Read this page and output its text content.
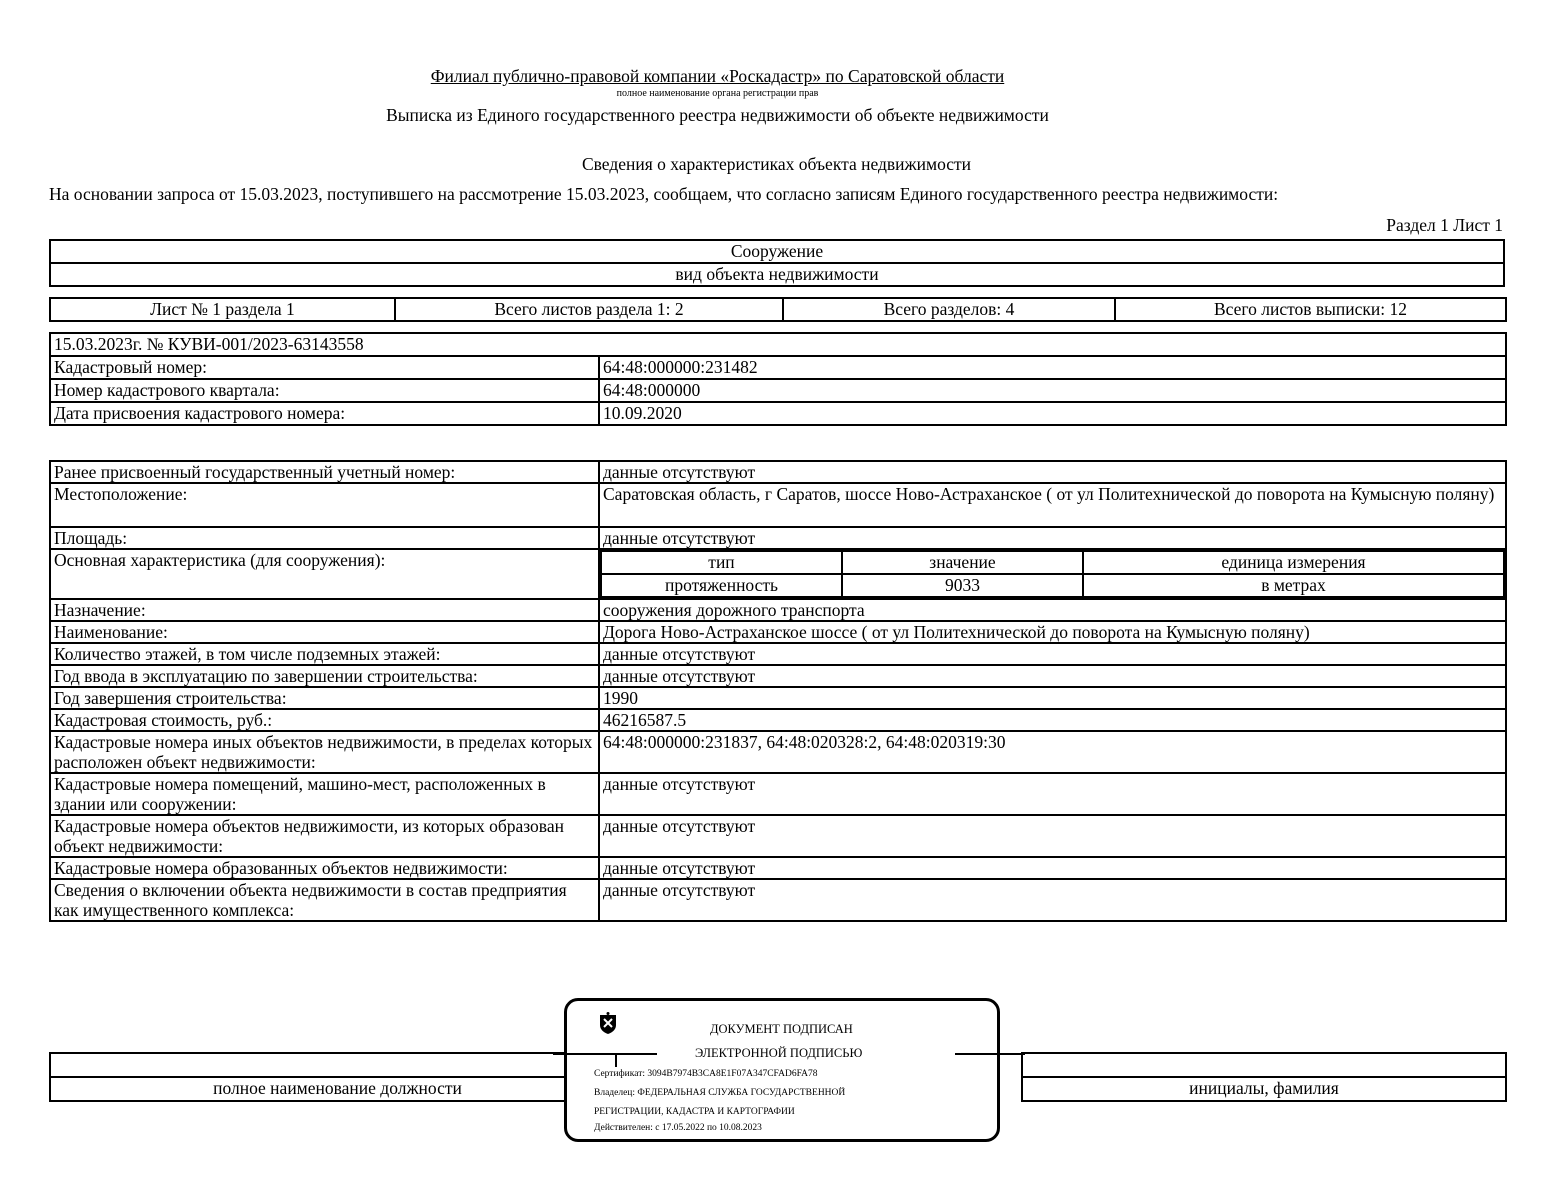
Филиал публично-правовой компании «Роскадастр» по Саратовской области
полное наименование органа регистрации прав
Выписка из Единого государственного реестра недвижимости об объекте недвижимости
Сведения о характеристиках объекта недвижимости
На основании запроса от 15.03.2023, поступившего на рассмотрение 15.03.2023, сообщаем, что согласно записям Единого государственного реестра недвижимости:
Раздел 1 Лист 1
Сооружение
вид объекта недвижимости
Лист № 1 раздела 1	Всего листов раздела 1: 2	Всего разделов: 4	Всего листов выписки: 12
15.03.2023г. № КУВИ-001/2023-63143558	
Кадастровый номер:	64:48:000000:231482
Номер кадастрового квартала:	64:48:000000
Дата присвоения кадастрового номера:	10.09.2020
Ранее присвоенный государственный учетный номер:	данные отсутствуют
Местоположение:	Саратовская область, г Саратов, шоссе Ново-Астраханское ( от ул Политехнической до поворота на Кумысную поляну)
Площадь:	данные отсутствуют
Основная характеристика (для сооружения):		тип	значение	единица измерения
протяженность	9033	в метрах

Назначение:	сооружения дорожного транспорта
Наименование:	Дорога Ново-Астраханское шоссе ( от ул Политехнической до поворота на Кумысную поляну)
Количество этажей, в том числе подземных этажей:	данные отсутствуют
Год ввода в эксплуатацию по завершении строительства:	данные отсутствуют
Год завершения строительства:	1990
Кадастровая стоимость, руб.:	46216587.5
Кадастровые номера иных объектов недвижимости, в пределах которых расположен объект недвижимости:	64:48:000000:231837, 64:48:020328:2, 64:48:020319:30
Кадастровые номера помещений, машино-мест, расположенных в здании или сооружении:	данные отсутствуют
Кадастровые номера объектов недвижимости, из которых образован объект недвижимости:	данные отсутствуют
Кадастровые номера образованных объектов недвижимости:	данные отсутствуют
Сведения о включении объекта недвижимости в состав предприятия как имущественного комплекса:	данные отсутствуют

полное наименование должности		инициалы, фамилия
ДОКУМЕНТ ПОДПИСАН
ЭЛЕКТРОННОЙ ПОДПИСЬЮ
Сертификат: 3094B7974B3CA8E1F07A347CFAD6FA78
Владелец: ФЕДЕРАЛЬНАЯ СЛУЖБА ГОСУДАРСТВЕННОЙ
РЕГИСТРАЦИИ, КАДАСТРА И КАРТОГРАФИИ
Действителен: с 17.05.2022 по 10.08.2023
